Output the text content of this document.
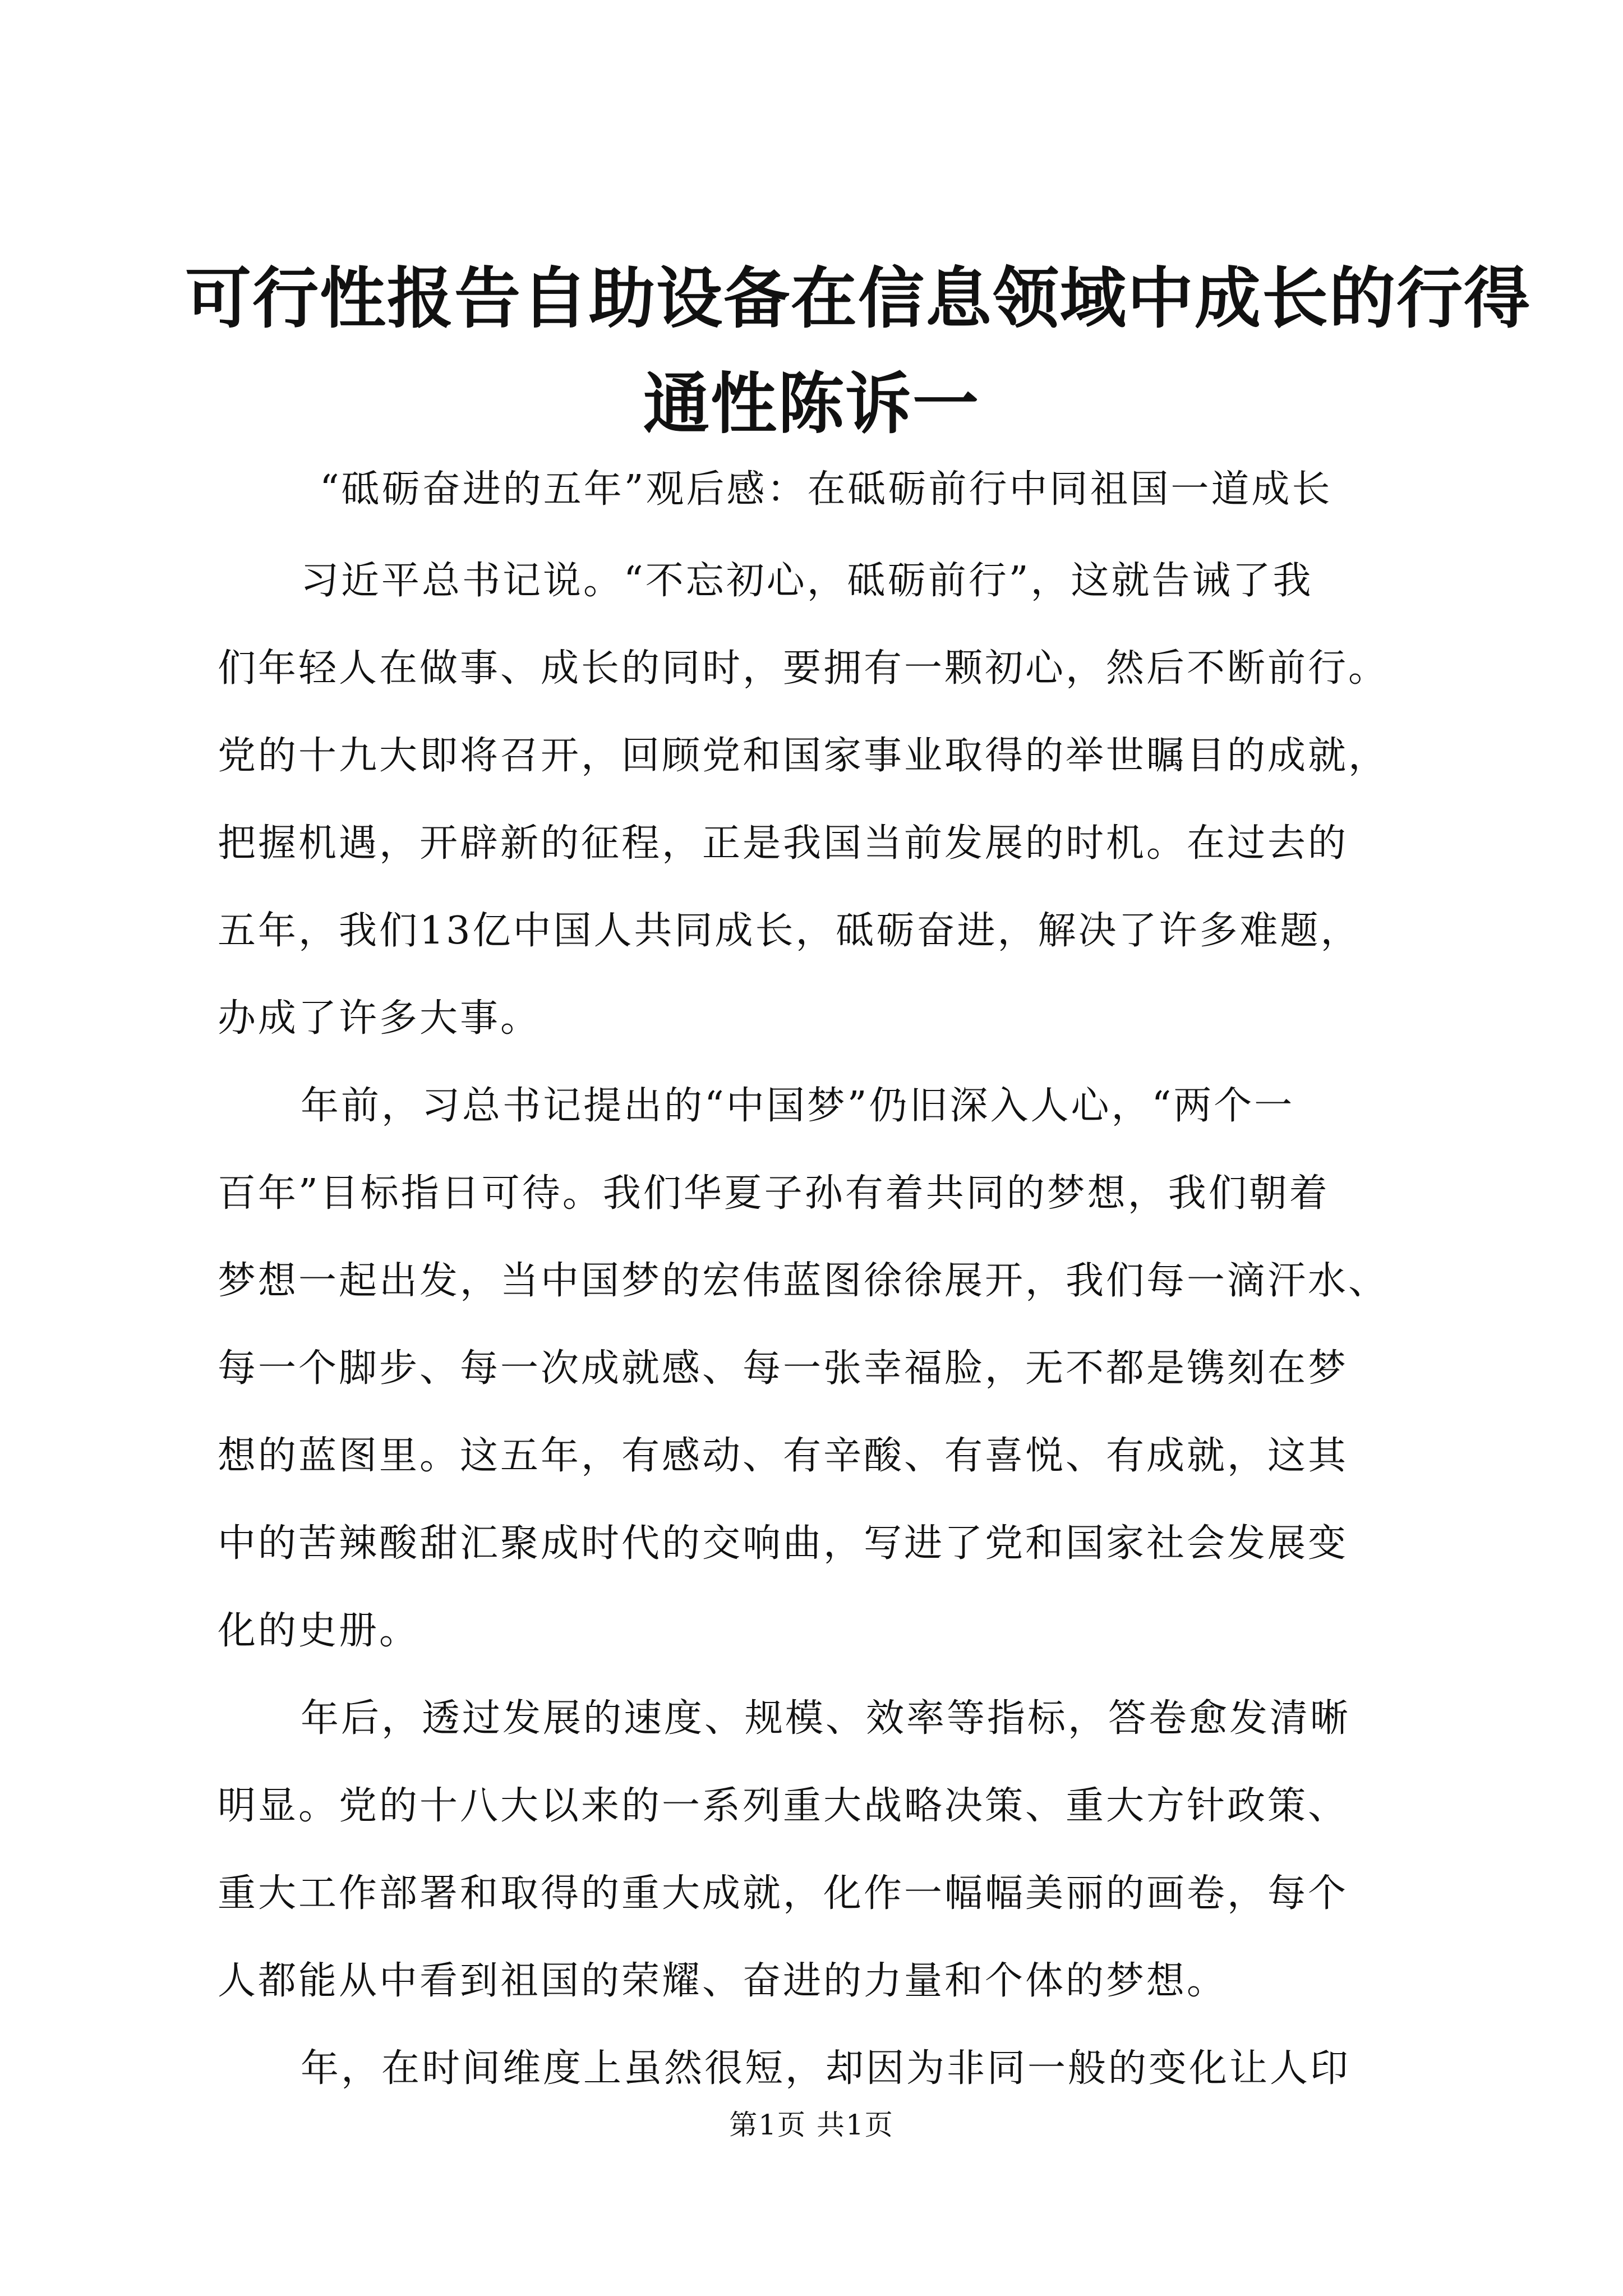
可行性报告自助设备在信息领域中成长的行得
通性陈诉一

“砥砺奋进的五年”观后感：在砥砺前行中同祖国一道成长

习近平总书记说。“不忘初心，砥砺前行”，这就告诫了我
们年轻人在做事、成长的同时，要拥有一颗初心，然后不断前行。
党的十九大即将召开，回顾党和国家事业取得的举世瞩目的成就，
把握机遇，开辟新的征程，正是我国当前发展的时机。在过去的
五年，我们13亿中国人共同成长，砥砺奋进，解决了许多难题，
办成了许多大事。
年前，习总书记提出的“中国梦”仍旧深入人心，“两个一
百年”目标指日可待。我们华夏子孙有着共同的梦想，我们朝着
梦想一起出发，当中国梦的宏伟蓝图徐徐展开，我们每一滴汗水、
每一个脚步、每一次成就感、每一张幸福脸，无不都是镌刻在梦
想的蓝图里。这五年，有感动、有辛酸、有喜悦、有成就，这其
中的苦辣酸甜汇聚成时代的交响曲，写进了党和国家社会发展变
化的史册。
年后，透过发展的速度、规模、效率等指标，答卷愈发清晰
明显。党的十八大以来的一系列重大战略决策、重大方针政策、
重大工作部署和取得的重大成就，化作一幅幅美丽的画卷，每个
人都能从中看到祖国的荣耀、奋进的力量和个体的梦想。
年，在时间维度上虽然很短，却因为非同一般的变化让人印
第1页 共1页
